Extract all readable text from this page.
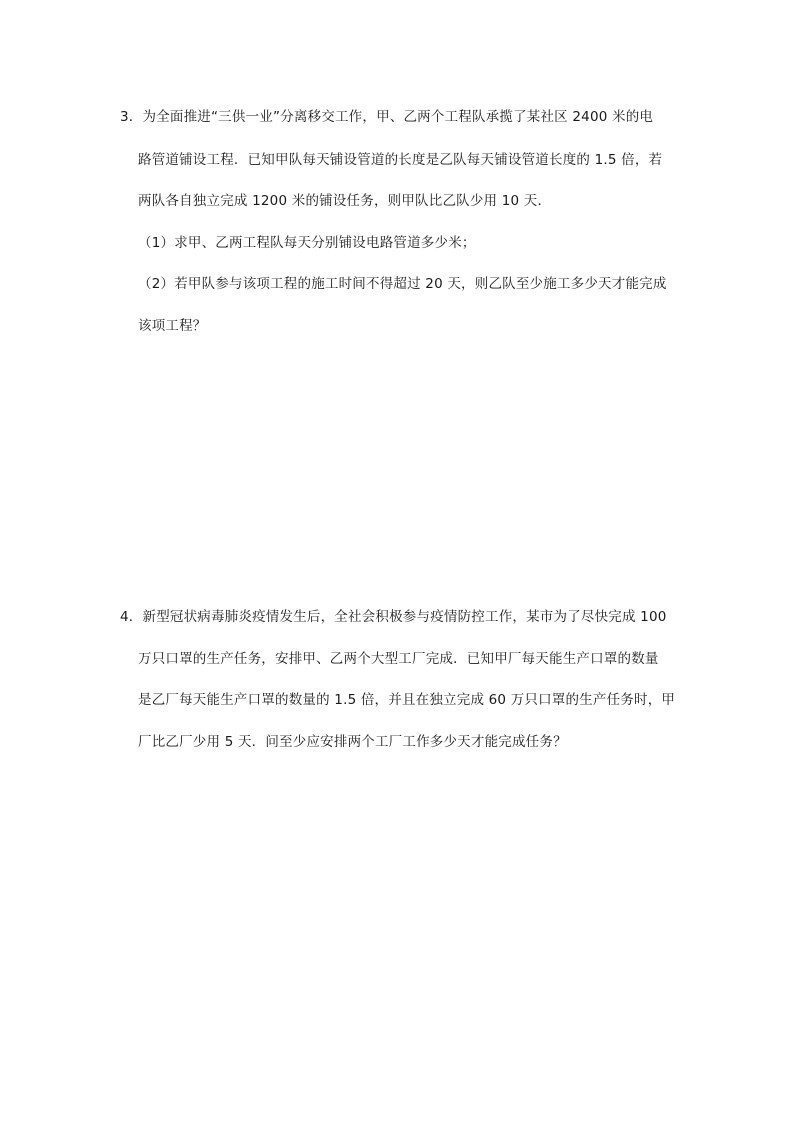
3．为全面推进“三供一业”分离移交工作，甲、乙两个工程队承揽了某社区 2400 米的电
路管道铺设工程．已知甲队每天铺设管道的长度是乙队每天铺设管道长度的 1.5 倍，若
两队各自独立完成 1200 米的铺设任务，则甲队比乙队少用 10 天．
（1）求甲、乙两工程队每天分别铺设电路管道多少米；
（2）若甲队参与该项工程的施工时间不得超过 20 天，则乙队至少施工多少天才能完成
该项工程？
4．新型冠状病毒肺炎疫情发生后，全社会积极参与疫情防控工作，某市为了尽快完成 100
万只口罩的生产任务，安排甲、乙两个大型工厂完成．已知甲厂每天能生产口罩的数量
是乙厂每天能生产口罩的数量的 1.5 倍，并且在独立完成 60 万只口罩的生产任务时，甲
厂比乙厂少用 5 天．问至少应安排两个工厂工作多少天才能完成任务？
